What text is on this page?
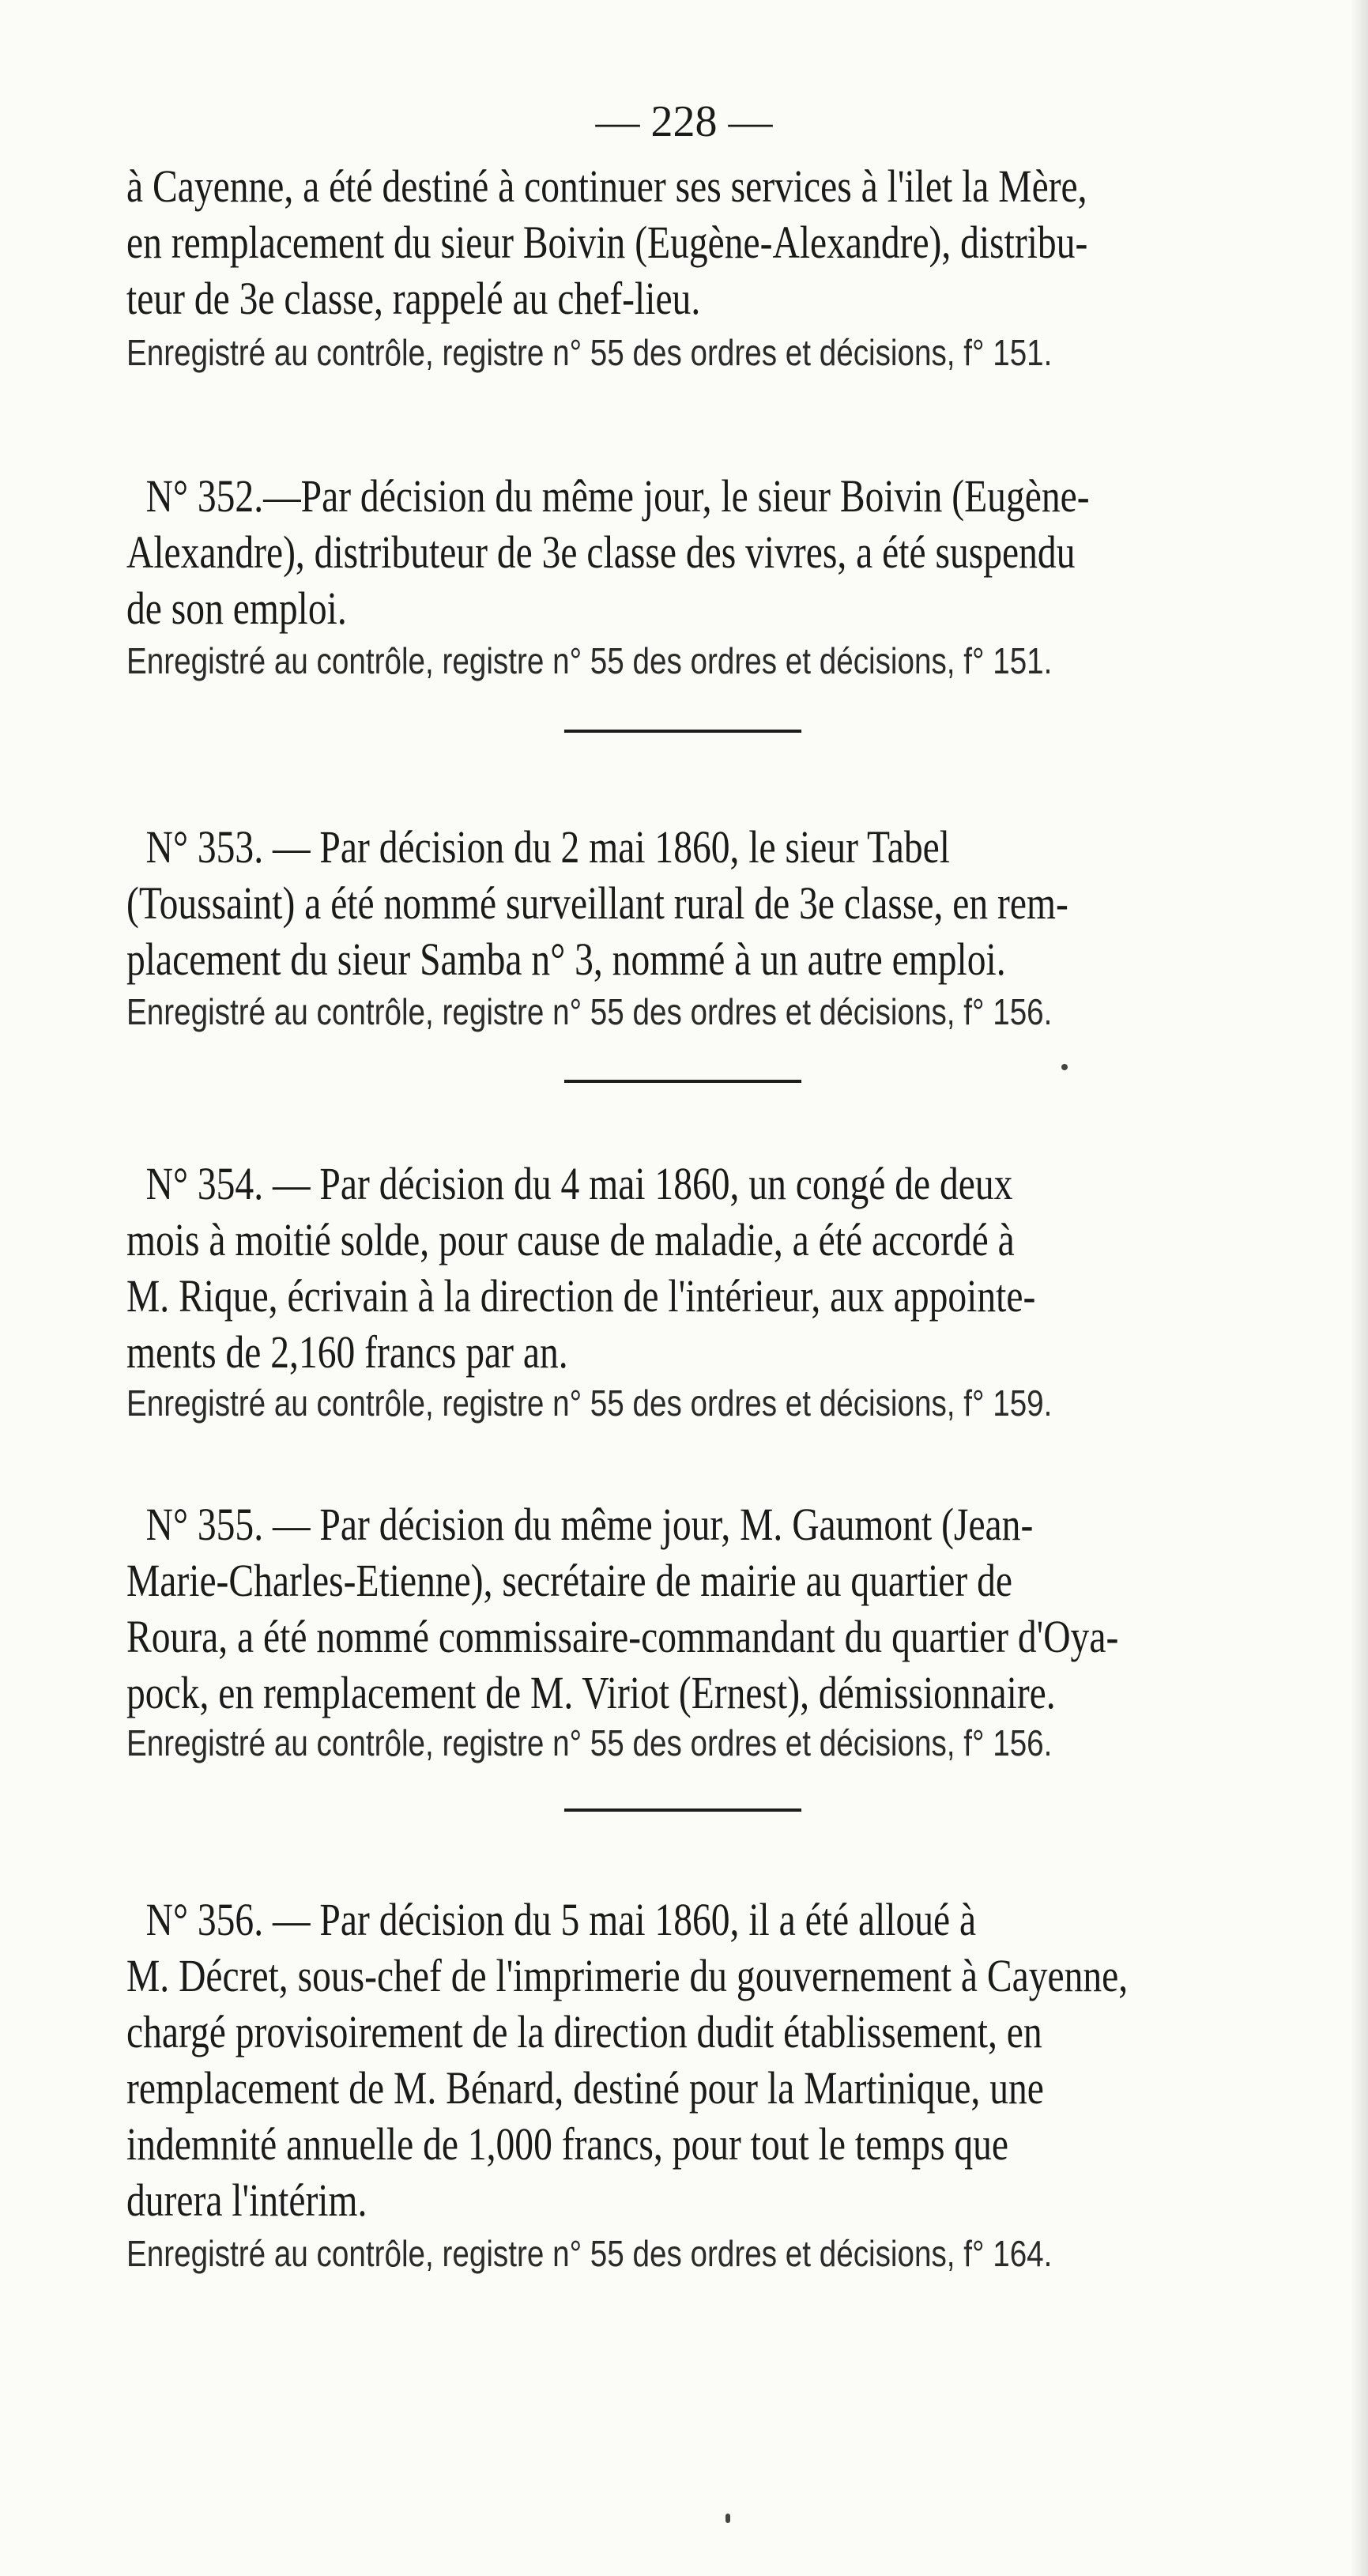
— 228 —

à Cayenne, a été destiné à continuer ses services à l'ilet la Mère,

en remplacement du sieur Boivin (Eugène-Alexandre), distribu-

teur de 3e classe, rappelé au chef-lieu.

Enregistré au contrôle, registre n° 55 des ordres et décisions, f° 151.

N° 352.—Par décision du même jour, le sieur Boivin (Eugène-

Alexandre), distributeur de 3e classe des vivres, a été suspendu

de son emploi.

Enregistré au contrôle, registre n° 55 des ordres et décisions, f° 151.

N° 353. — Par décision du 2 mai 1860, le sieur Tabel

(Toussaint) a été nommé surveillant rural de 3e classe, en rem-

placement du sieur Samba n° 3, nommé à un autre emploi.

Enregistré au contrôle, registre n° 55 des ordres et décisions, f° 156.

N° 354. — Par décision du 4 mai 1860, un congé de deux

mois à moitié solde, pour cause de maladie, a été accordé à

M. Rique, écrivain à la direction de l'intérieur, aux appointe-

ments de 2,160 francs par an.

Enregistré au contrôle, registre n° 55 des ordres et décisions, f° 159.

N° 355. — Par décision du même jour, M. Gaumont (Jean-

Marie-Charles-Etienne), secrétaire de mairie au quartier de

Roura, a été nommé commissaire-commandant du quartier d'Oya-

pock, en remplacement de M. Viriot (Ernest), démissionnaire.

Enregistré au contrôle, registre n° 55 des ordres et décisions, f° 156.

N° 356. — Par décision du 5 mai 1860, il a été alloué à

M. Décret, sous-chef de l'imprimerie du gouvernement à Cayenne,

chargé provisoirement de la direction dudit établissement, en

remplacement de M. Bénard, destiné pour la Martinique, une

indemnité annuelle de 1,000 francs, pour tout le temps que

durera l'intérim.

Enregistré au contrôle, registre n° 55 des ordres et décisions, f° 164.
